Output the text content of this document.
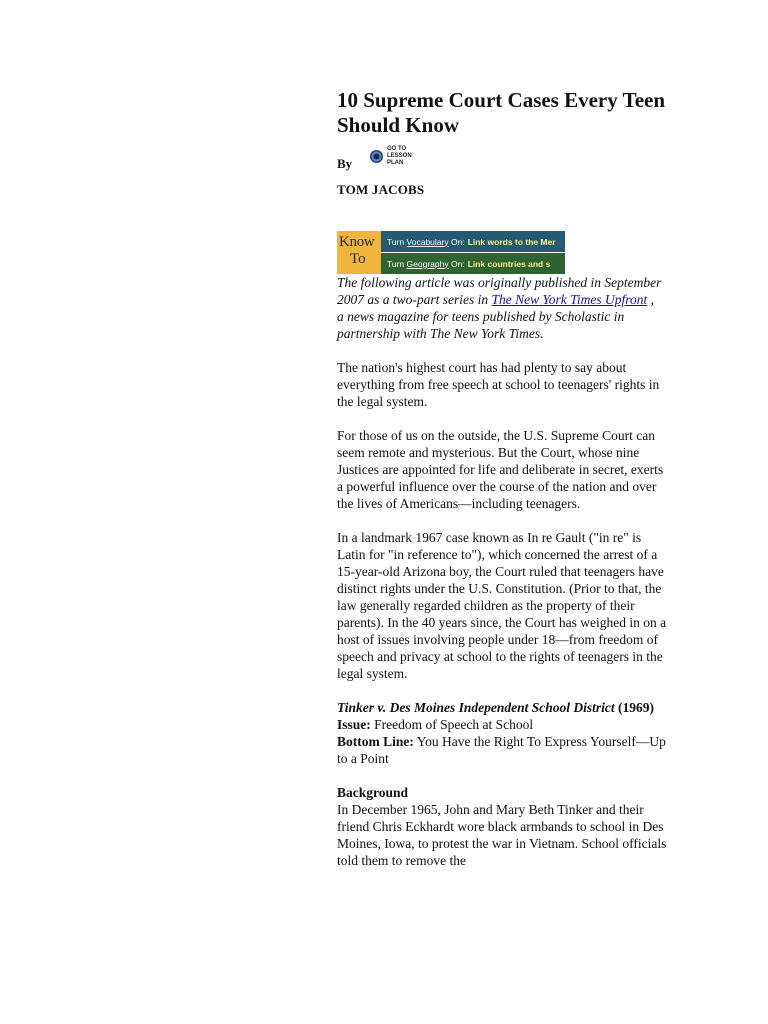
10 Supreme Court Cases Every Teen Should Know
By
GO TO LESSON PLAN
TOM JACOBS
Know
To
Turn Vocabulary On: Link words to the Mer
Turn Geography On: Link countries and s

The following article was originally published in September 2007 as a two-part series in The New York Times Upfront ,
a news magazine for teens published by Scholastic in partnership with The New York Times.

The nation's highest court has had plenty to say about everything from free speech at school to teenagers' rights in the legal system.

For those of us on the outside, the U.S. Supreme Court can seem remote and mysterious. But the Court, whose nine Justices are appointed for life and deliberate in secret, exerts a powerful influence over the course of the nation and over the lives of Americans—including teenagers.

In a landmark 1967 case known as In re Gault ("in re" is Latin for "in reference to"), which concerned the arrest of a 15-year-old Arizona boy, the Court ruled that teenagers have distinct rights under the U.S. Constitution. (Prior to that, the law generally regarded children as the property of their parents). In the 40 years since, the Court has weighed in on a host of issues involving people under 18—from freedom of speech and privacy at school to the rights of teenagers in the legal system.

Tinker v. Des Moines Independent School District (1969)

Issue: Freedom of Speech at School

Bottom Line: You Have the Right To Express Yourself—Up to a Point

Background

In December 1965, John and Mary Beth Tinker and their friend Chris Eckhardt wore black armbands to school in Des Moines, Iowa, to protest the war in Vietnam. School officials told them to remove the
